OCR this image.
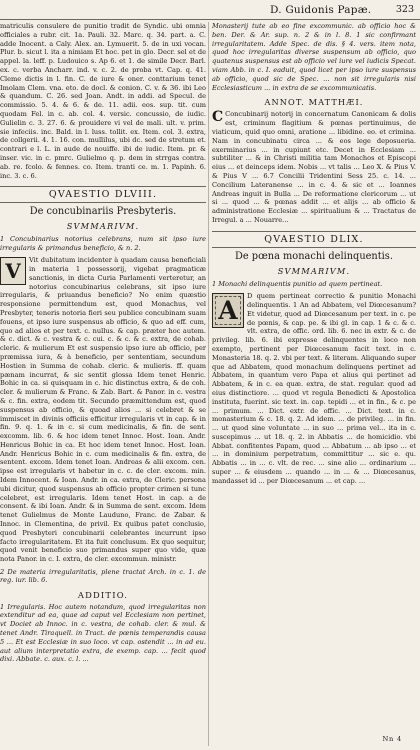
D. Guidonis Papæ.	323

matriculis consulere de punitio tradit de Syndic. ubi omnia officiales a rubr. cit. 1a. Pauli. 32. Marc. q. 34. part. a. C. adde Inocent. a Caly. Alex. an. Lymuerit. 5. de in uxi vocan. Plur. b. sicut l. ita a nimiam Et hoc. pet in glo. Decr. sel et de appel. la. leff. p. Ludouico s. Ap 6. et 1. de simile Decr. Barl. ex. c. verba Ancharr. ind. v. c. 2. de proba vt. Cap. q. 41. Cleme dictis in l. fin. C. de iure & oner. conttarium tenet Imolam Clem. vna. eto. de docl. & conion. C. v. & 36. ibi Leo & quandum. C. 26. sed Joan. Andt. in addi. ad Specul. de commissio. 5. 4. & 6. & de. 11. adii. eos. sup. tit. cum quodam Fel. in c. ab. col. 4. versic. concussio, de iudic. Gulielin c. 3. 27. 6. & prouidere vi vel de mali. ult. v. prim. sie infeciis. inc. Bald. in l. luss. tollit. ex. Item. col. 3. extra, de collgerii. 4. 1. 16. con. mullilus, ubi dc. sed de stretum et. contrari e l. L. in aude de nouiffe. ibi de iudic. Item. pr. & inser. vic. in c. pmrc. Gulielmo q. p. dem in strrgas contra. ab. re. fcolo. & fennes. co. Item. tranti ce. m. 1. Papinh. 6. inc. 3. c. 6.

QVAESTIO DLVIII.
De concubinariis Presbyteris.
SVMMARIVM.

1 Concubinarius notorius celebrans, num sit ipso iure irregularis & primandus beneficio, & n. 2.

V	Vit dubitatum incidenter à quadam causa beneficiali in materia 1 possessorij, vigebat pragmaticæ sanctionis, in dicta Curia Parlamenti verteretur, an notorius concubinarius celebrans, sit ipso iure irregularis, & priuandus beneficio? No enim quæstio responsione permittendum est, quod Monachus, vel Presbyter, teneris notoria fieri seu publice concubinam suam fouens, et ipso iure suspensus ab officio, & quo ad eff. cum, quo ad alios et per text. c. nullus. & cap. præter hoc autem. & c. dict. & c. vestra & c. cui. c. & c. & c. extra, de cohab. cleric. & mulierum Et est suspensio ipso iure ab officio, per præmissa iura, & à beneficio, per sententiam, secundum Hostien in Summa de cohab. cleric. & mulieris. ff. quam pænam incurrat, & sic sentit glossa Idem tenet Henric. Bohic in ca. si quisquam in c. hic distinctus extra, & de coh. cler. & mulierum & Franc. & Zab. Bart. & Panor. in c. vestra & c. fin. extra, eodem tit. Secundo præmittendum est, quod suspensus ab officio, & quoad alios ... si celebret & se immiscet in divinis officiis efficitur irregularis vt in cap. & in fin. 9. q. 1. & in c. si cum medicinalis, & fin. de sent. excomm. lib. 6. & hoc idem tenet Innoc. Host. Ioan. Andr. Henricus Bohic in ca. Et hoc idem tenet Innoc. Host. Ioan. Andr. Henricus Bohic in c. cum medicinalis & fin. extra, de sentent. excom. Idem tenet Ioan. Andreas & alii excom. cen. ipse est irregularis vt habetur in c. c. de cler. excom. min. Idem Innocent. & Ioan. Andr. in ca. extra, de Cleric. persona ubi dicitur, quod suspensus ab officio propter crimen si tunc celebret, est irregularis. Idem tenet Host. in cap. a de consent. & ibi Ioan. Andr. & in Summa de sent. excom. Idem tenet Gulielmus de Monte Lauduno, Franc. de Zabar. & Innoc. in Clementina, de privil. Ex quibus patet conclusio, quod Presbyteri concubinarii celebrantes incurrunt ipso facto irregularitatem. Et ita fuit conclusum. Ex quo sequitur, quod venit beneficio suo primandus super quo vide, quæ nota Panor. in c. I. extra, de cler. excommun. ministr.

2 De materia irregularitatis, plene tractat Arch. in c. 1. de reg. iur. lib. 6.

ADDITIO.

1 Irregularis. Hoc autem notandum, quod irregularitas non extenditur ad ea, quae ad caput vel Ecclesiam non pertinet, vt Dociet ab Innoc. in c. vestra, de cohab. cler. & mul. & tenet Andr. Tiraquell. in Tract. de pœnis temperandis causa 5 ... Et est Ecclesiæ in suo loco. vt cap. ostendit ... in ad eu. aut alium interpretatio extra, de exemp. cap. ... fecit quod dixi. Abbate. c. aux. c. l. ...

Monasterij tute ab eo fine excommunic. ab officio hoc & ben. Der. & Ar. sup. n. 2 & in l. 8. 1 sic confirmant irregularitatem. Adde Spec. de dis. § 4. vers. item nota, quod hoc irregularitas diverse suspensum ab officio, quo quatenus suspensus est ab officio vel iure vel iudicis Specat. viam Abb. in c. I. eaduit, quod licet per ipso iure suspensus ab officio, quod sic de Spec. ... non sit irregularis nisi Ecclesiasticum ... in extra de se excommunicatis.

ANNOT. MATTHÆI.
C Concubinarij notorij in concernatum Canonicam & dolis est, criminum flagitium & pœnas pertinuimus, de viaticum, quid quo omni, aratione ... libidine. eo. et crimina. Nam in concubinatu circa ... & eos lege deposueria. exerminarius ... in cupiunt etc. Decet in Ecclesiam ... subtiliter ... & in Christi militia tam Monachos et Episcopi eius ... et deinceps idem. Nobis ... vt talis ... Leo X. & Pius V. & Pius V ... 6.7 Concilii Tridentini Sess 25. c. 14. ... Concilium Lateranense ... in c. 4. & sic et ... Ioannes Andreas inguit in Bulla ... De reformatione clericorum ... ut si ... quod ... & pœnas addit ... et alijs ... ab officio & administratione Ecclesiæ ... spiritualium & ... Tractatus de Irregul. a ... Nouarre...

QVAESTIO DLIX.
De pœna monachi delinquentis.
SVMMARIVM.

1 Monachi delinquentis punitio ad quem pertineat.

A	D quem pertineat correctio & punitio Monachi delinquentis. 1 An ad Abbatem, vel Diœcesanum? Et videtur, quod ad Diœcesanum per text. in c. pe de pœnis, & cap. pe. & ibi gl. in cap. 1 & c. & c. vlt. extra, de offic. ord. lib. 6. nec in extr. & c. de privileg. lib. 6. ibi expresse delinquentes in loco non exempto, pertinent per Diœcesanum facit text. in c. Monasteria 18. q. 2. vbi per text. & literam. Aliquando super que ad Abbatem, quod monachum delinquens pertinet ad Abbatem, in quantum vero Papa et alius qui pertinet ad Abbatem, & in c. ea quæ. extra, de stat. regular. quod ad eius distinctiore. ... quod vt regula Benedicti & Apostolica instituta, fuerint. sic text. in. cap. tepidi ... et in fin., & c. pe ... primum. ... Dict. extr. de offic. ... Dict. text. in c. monasterium & c. 18. q. 2. Ad idem. ... de privileg. ... in fin. ... ut quod sine voluntate ... in suo ... prima vel... ita in c. suscepimus ... ut 18. q. 2. in Abbatis ... de homicidio. vbi Abbat. confitentes Papam, quod ... Abbatum ... ab ipso ... et ... in dominium perpetratum, committitur ... sic e. qu. Abbatis ... in ... c. vlt. de rec. ... sine alio ... ordinarium ... super ... & eiusdem ... quando ... in ... & ... Diœcesanus, mandasset id ... per Diœcesanum ... et cap. ...

Nn 4
